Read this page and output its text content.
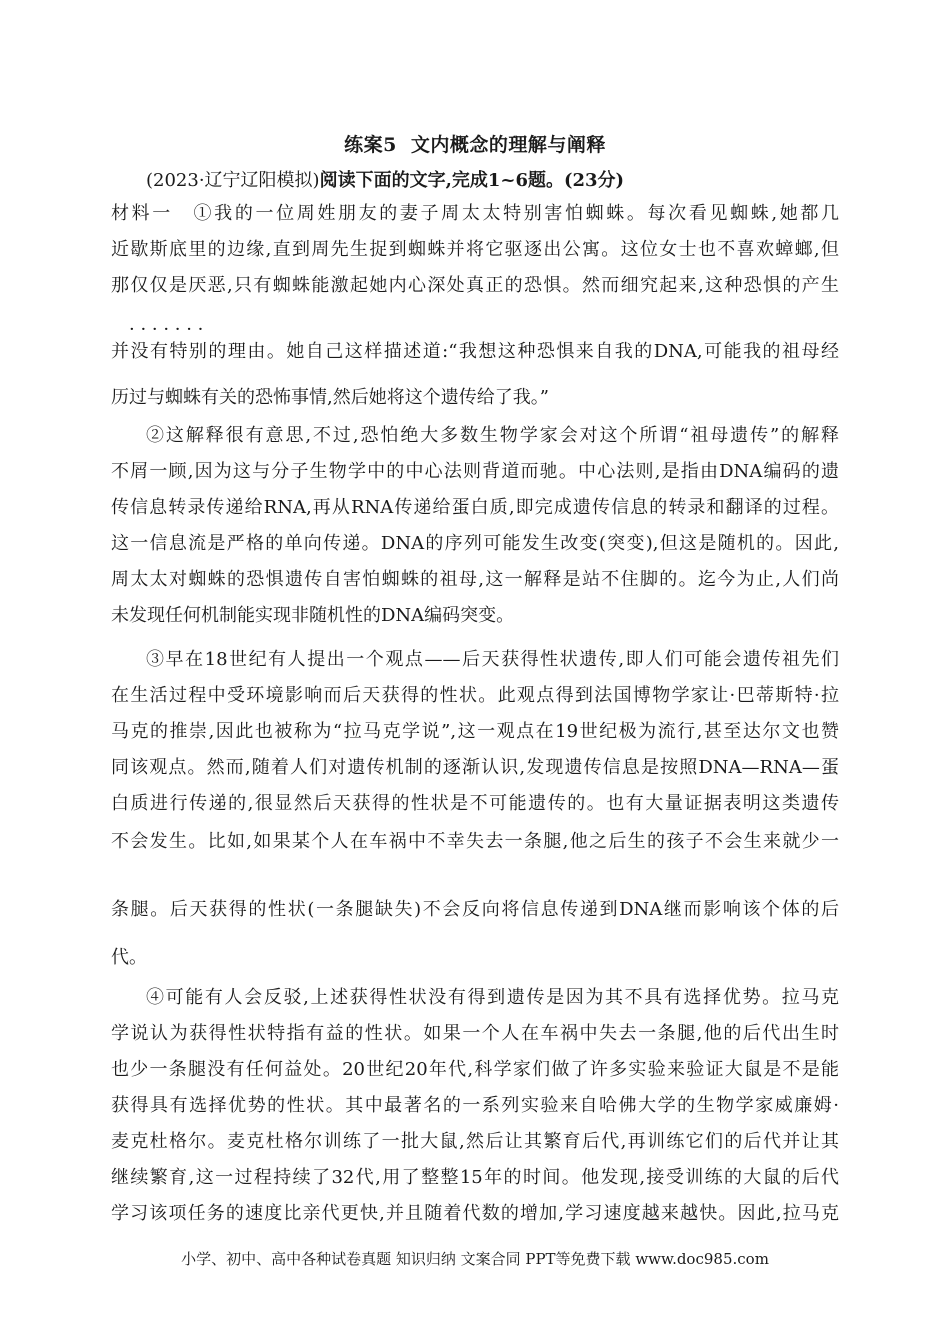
练案5 文内概念的理解与阐释
(2023·辽宁辽阳模拟)阅读下面的文字,完成1~6题。(23分)
材料一　①我的一位周姓朋友的妻子周太太特别害怕蜘蛛。每次看见蜘蛛,她都几
近歇斯底里的边缘,直到周先生捉到蜘蛛并将它驱逐出公寓。这位女士也不喜欢蟑螂,但
那仅仅是厌恶,只有蜘蛛能激起她内心深处真正的恐惧。然而细究起来,这种恐惧的产生
· · · 并没有特别的理由。她自己这样描述道:“我想这种恐惧来自我的DNA,可能我的祖母经
历过与蜘蛛有关的恐怖事情,然后她将这个遗传给了我。”
②这解释很有意思,不过,恐怕绝大多数生物学家会对这个所谓“祖母遗传”的解释
不屑一顾,因为这与分子生物学中的中心法则背道而驰。中心法则,是指由DNA编码的遗
传信息转录传递给RNA,再从RNA传递给蛋白质,即完成遗传信息的转录和翻译的过程。
这一信息流是严格的单向传递。DNA的序列可能发生改变(突变),但这是随机的。因此,
周太太对蜘蛛的恐惧遗传自害怕蜘蛛的祖母,这一解释是站不住脚的。迄今为止,人们尚
未发现任何机制能实现非随机性的DNA编码突变。
③早在18世纪有人提出一个观点——后天获得性状遗传,即人们可能会遗传祖先们
在生活过程中受环境影响而后天获得的性状。此观点得到法国博物学家让·巴蒂斯特·拉
马克的推崇,因此也被称为“拉马克学说”,这一观点在19世纪极为流行,甚至达尔文也赞
同该观点。然而,随着人们对遗传机制的逐渐认识,发现遗传信息是按照DNA—RNA—蛋
白质进行传递的,很显然后天获得的性状是不可能遗传的。也有大量证据表明这类遗传
不会发生。比如,如果某个人在车祸中不幸失去一条腿,他之后生的孩子不会生来就少一
条腿。后天获得的性状(一条腿缺失)不会反向将信息传递到DNA继而影响该个体的后
代。
④可能有人会反驳,上述获得性状没有得到遗传是因为其不具有选择优势。拉马克
学说认为获得性状特指有益的性状。如果一个人在车祸中失去一条腿,他的后代出生时
也少一条腿没有任何益处。20世纪20年代,科学家们做了许多实验来验证大鼠是不是能
获得具有选择优势的性状。其中最著名的一系列实验来自哈佛大学的生物学家威廉姆·
麦克杜格尔。麦克杜格尔训练了一批大鼠,然后让其繁育后代,再训练它们的后代并让其
继续繁育,这一过程持续了32代,用了整整15年的时间。他发现,接受训练的大鼠的后代
学习该项任务的速度比亲代更快,并且随着代数的增加,学习速度越来越快。因此,拉马克
小学、初中、高中各种试卷真题 知识归纳 文案合同 PPT等免费下载 www.doc985.com
